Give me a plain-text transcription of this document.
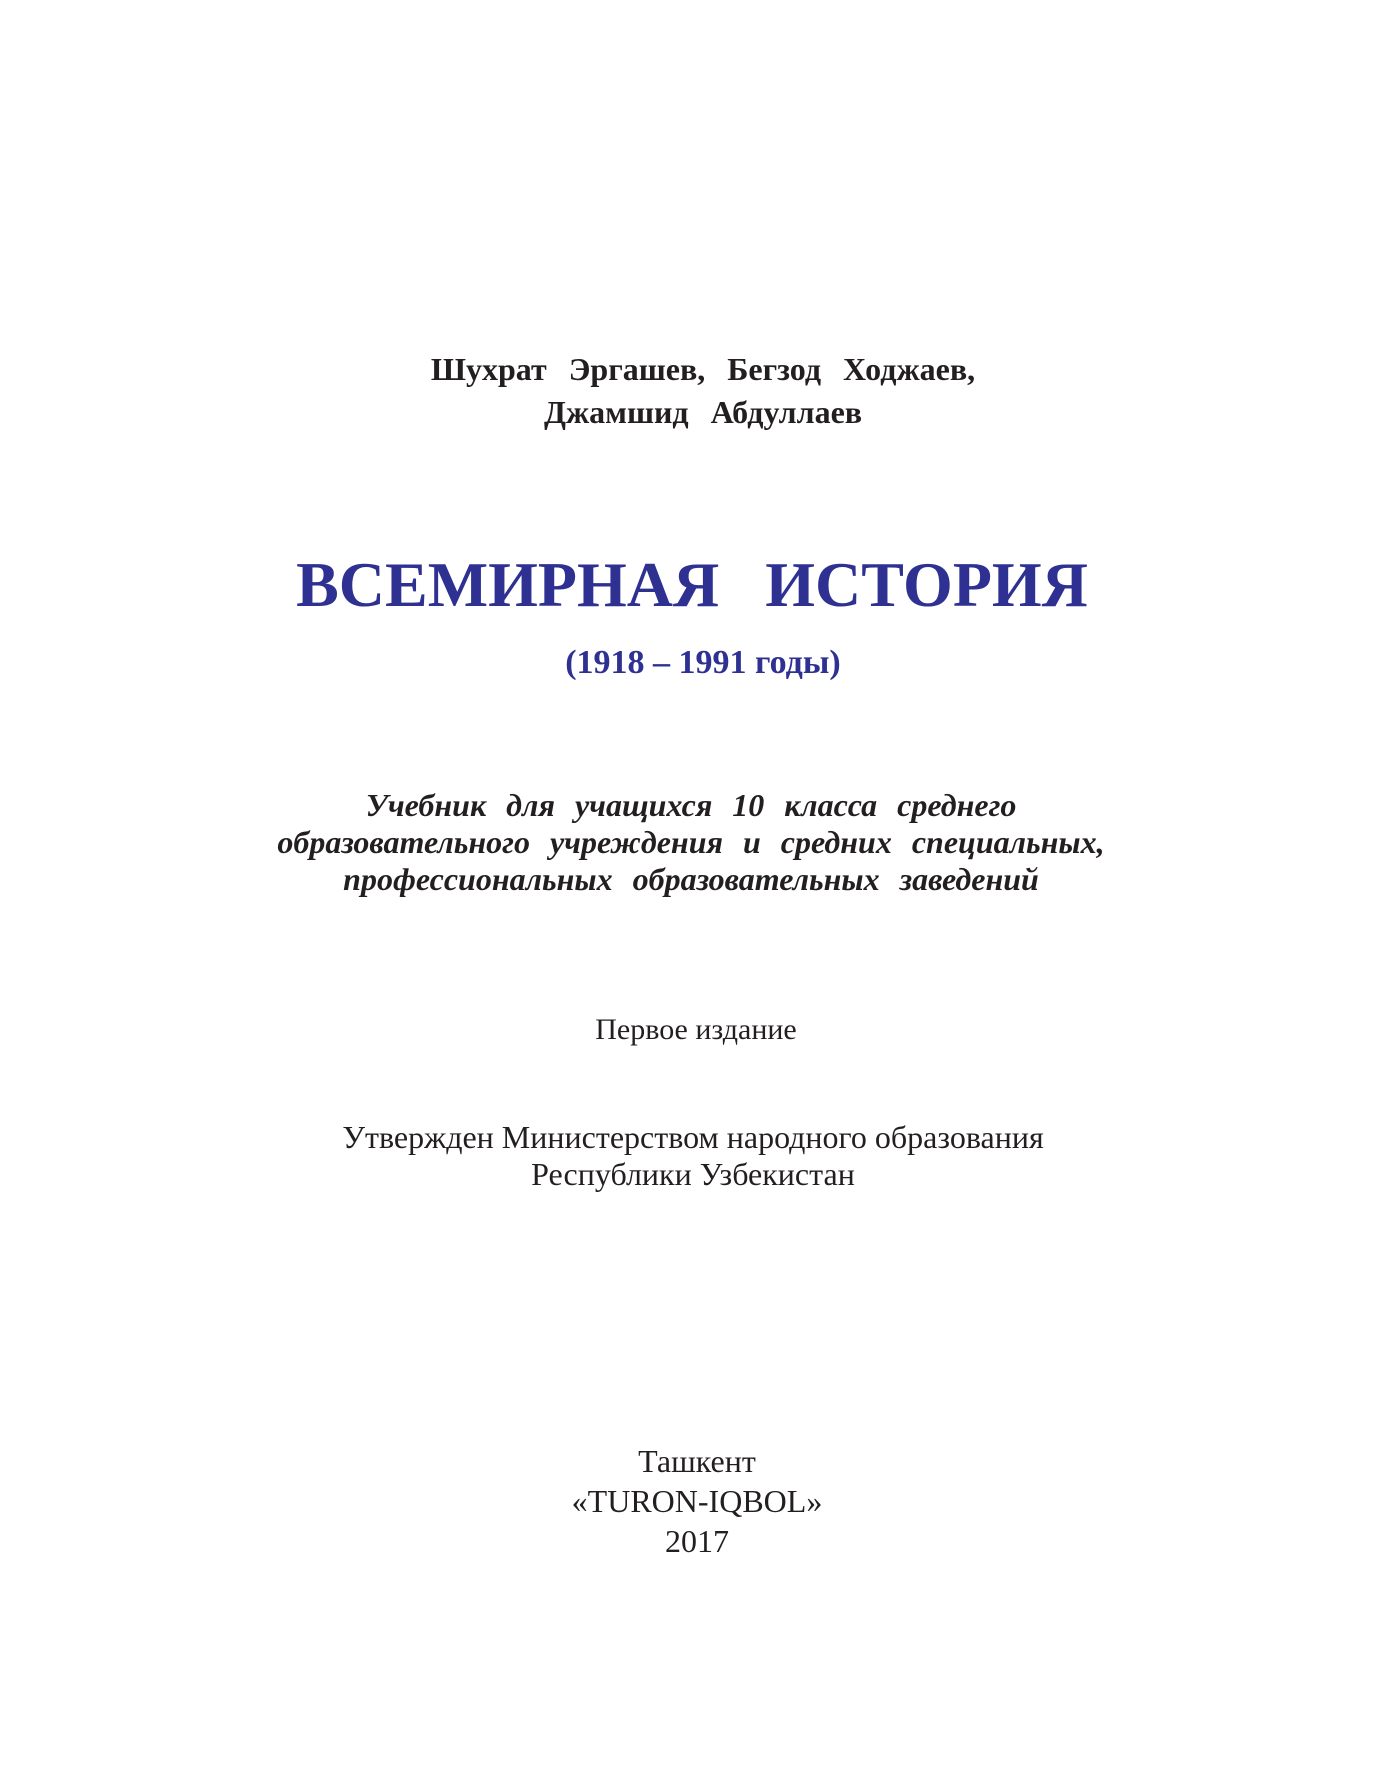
Шухрат Эргашев, Бегзод Ходжаев,
Джамшид Абдуллаев
ВСЕМИРНАЯ ИСТОРИЯ
(1918 – 1991 годы)
Учебник для учащихся 10 класса среднего
образовательного учреждения и средних специальных,
профессиональных образовательных заведений
Первое издание
Утвержден Министерством народного образования
Республики Узбекистан
Ташкент
«TURON-IQBOL»
2017
